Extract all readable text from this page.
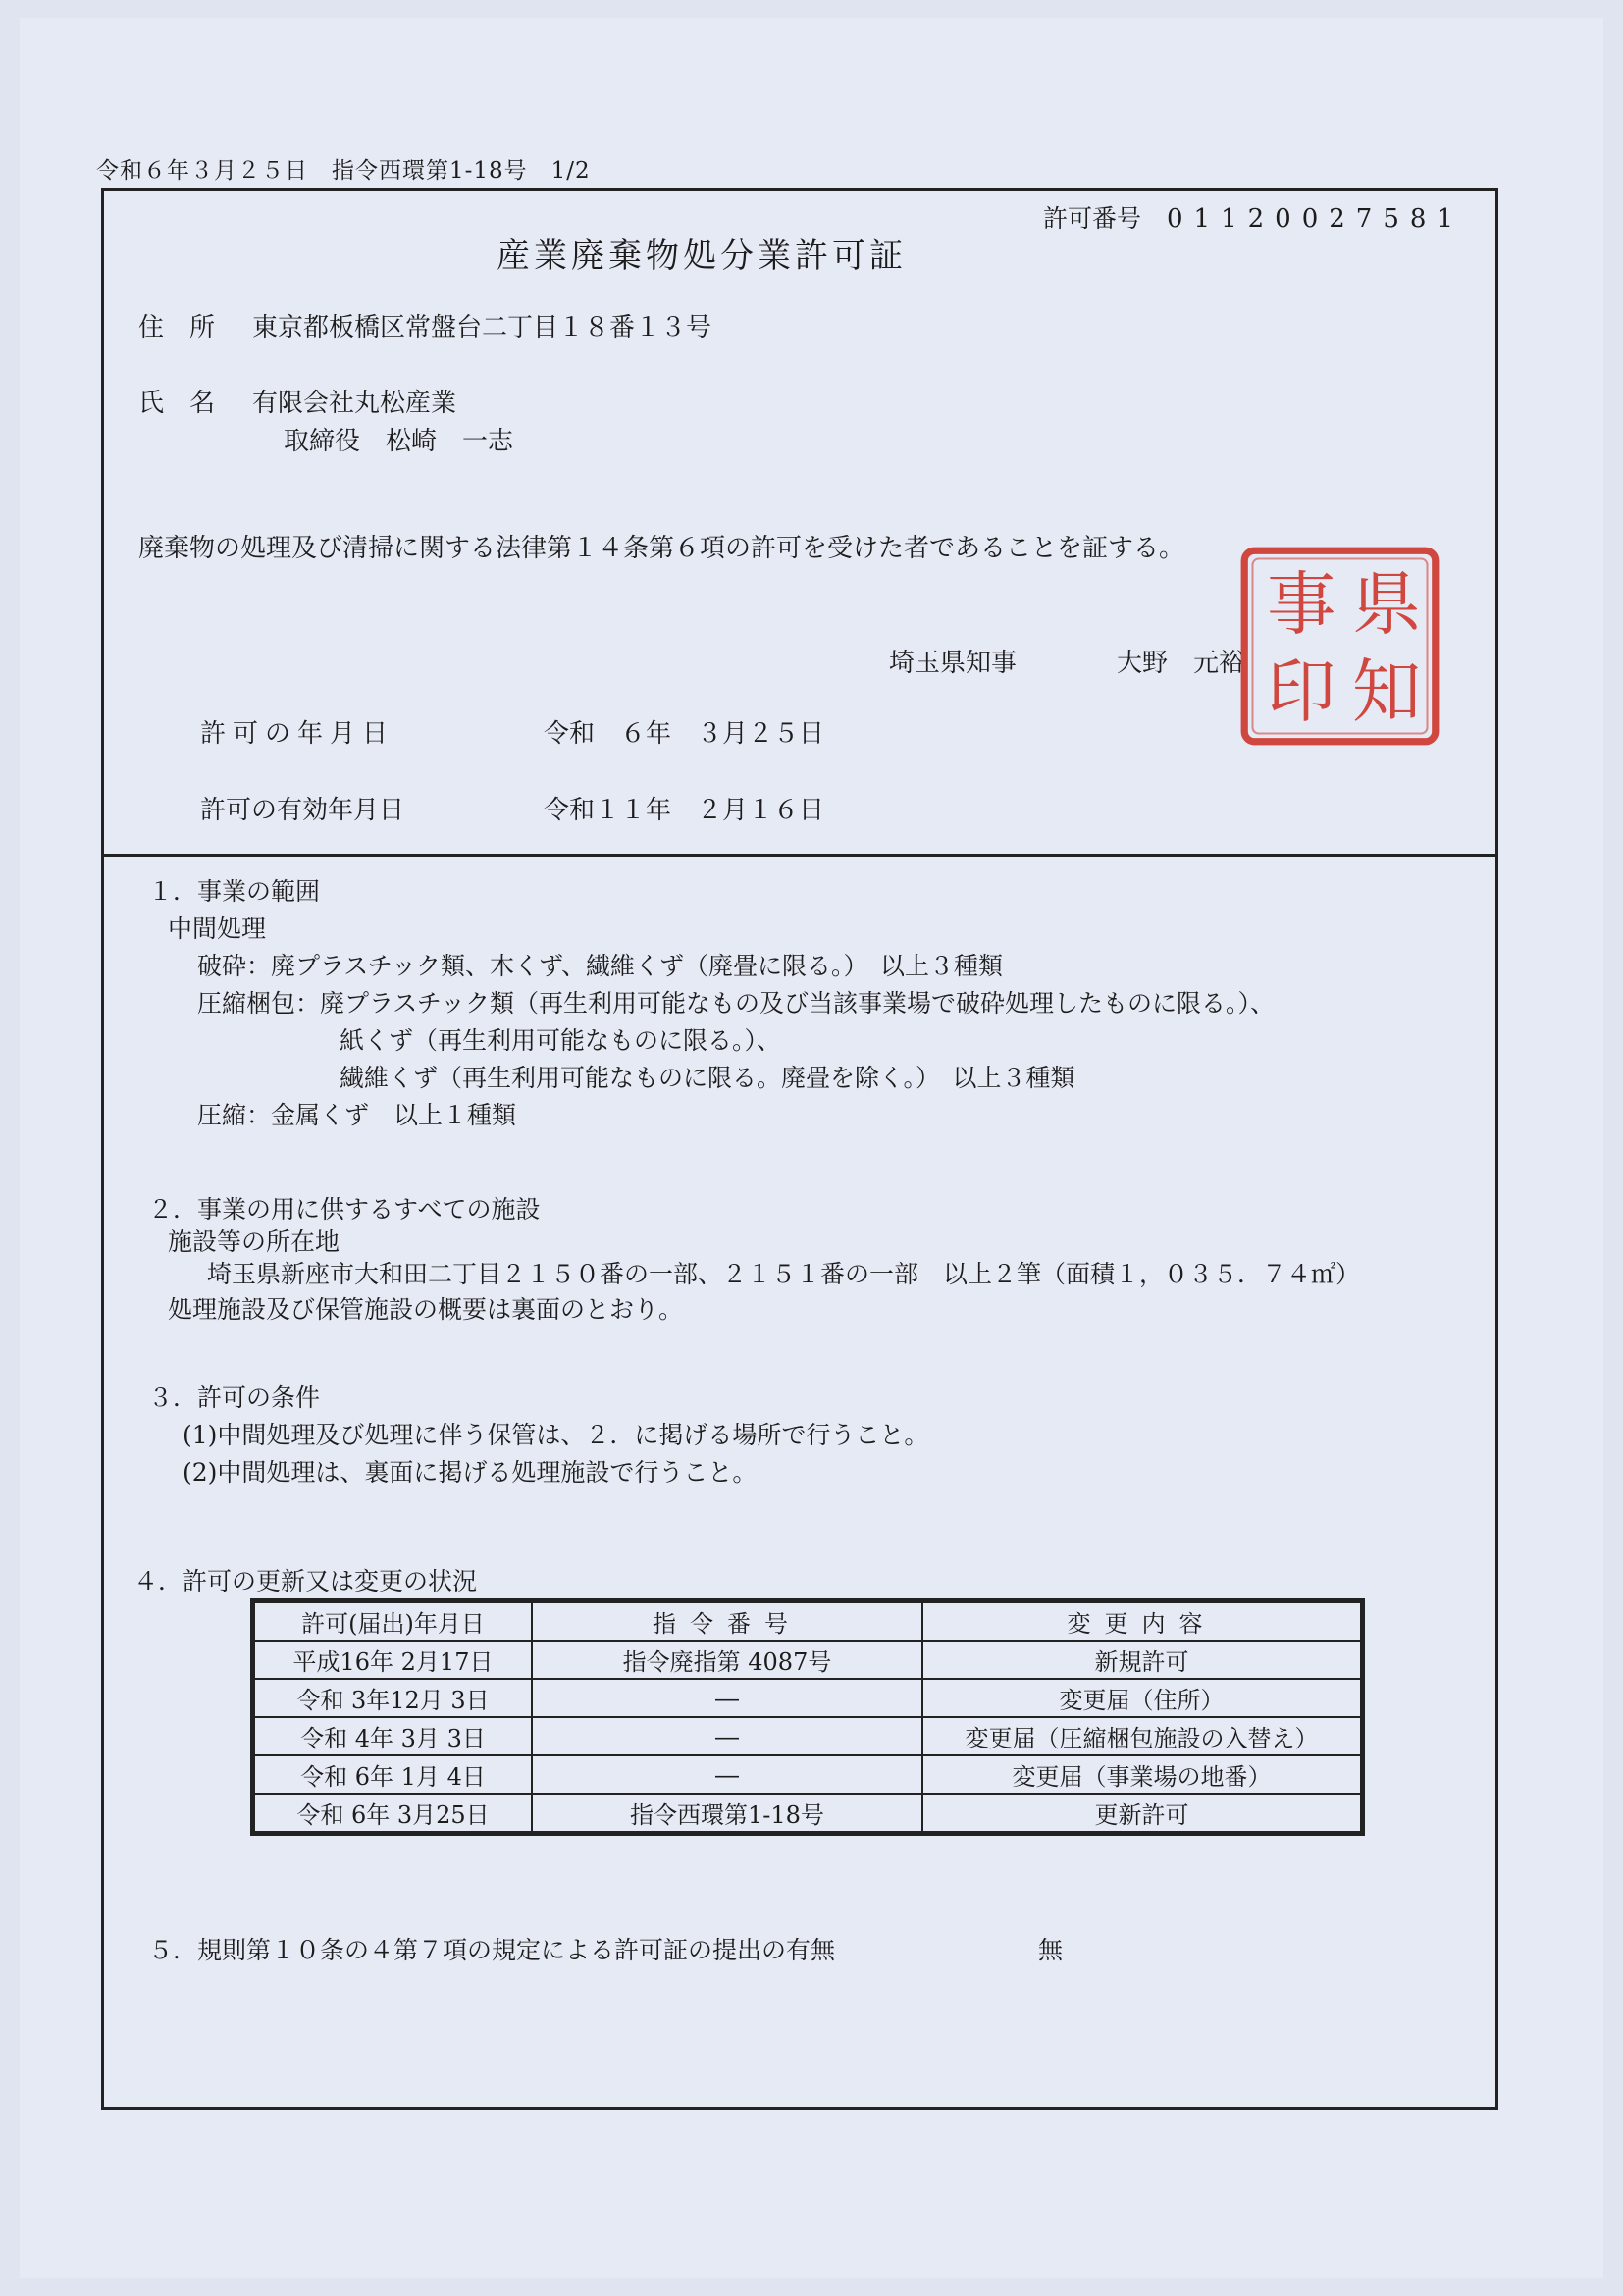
令和６年３月２５日　指令西環第1-18号　1/2
許可番号 01120027581
産業廃棄物処分業許可証
住　所 東京都板橋区常盤台二丁目１８番１３号
氏　名 有限会社丸松産業
取締役　松崎　一志
廃棄物の処理及び清掃に関する法律第１４条第６項の許可を受けた者であることを証する。
埼玉県知事	大野　元裕
許可の年月日	令和　６年　３月２５日
許可の有効年月日	令和１１年　２月１６日
１．事業の範囲
中間処理
破砕：廃プラスチック類、木くず、繊維くず（廃畳に限る。）　以上３種類
圧縮梱包：廃プラスチック類（再生利用可能なもの及び当該事業場で破砕処理したものに限る。）、
紙くず（再生利用可能なものに限る。）、
繊維くず（再生利用可能なものに限る。廃畳を除く。）　以上３種類
圧縮：金属くず　以上１種類
２．事業の用に供するすべての施設
施設等の所在地
埼玉県新座市大和田二丁目２１５０番の一部、２１５１番の一部　以上２筆（面積１，０３５．７４㎡）
処理施設及び保管施設の概要は裏面のとおり。
３．許可の条件
(1)中間処理及び処理に伴う保管は、２．に掲げる場所で行うこと。
(2)中間処理は、裏面に掲げる処理施設で行うこと。
４．許可の更新又は変更の状況
５．規則第１０条の４第７項の規定による許可証の提出の有無	無
許可(届出)年月日	指令番号	変更内容
平成16年 2月17日	指令廃指第 4087号	新規許可
令和 3年12月 3日	―	変更届（住所）
令和 4年 3月 3日	―	変更届（圧縮梱包施設の入替え）
令和 6年 1月 4日	―	変更届（事業場の地番）
令和 6年 3月25日	指令西環第1-18号	更新許可
県
知
事
印
